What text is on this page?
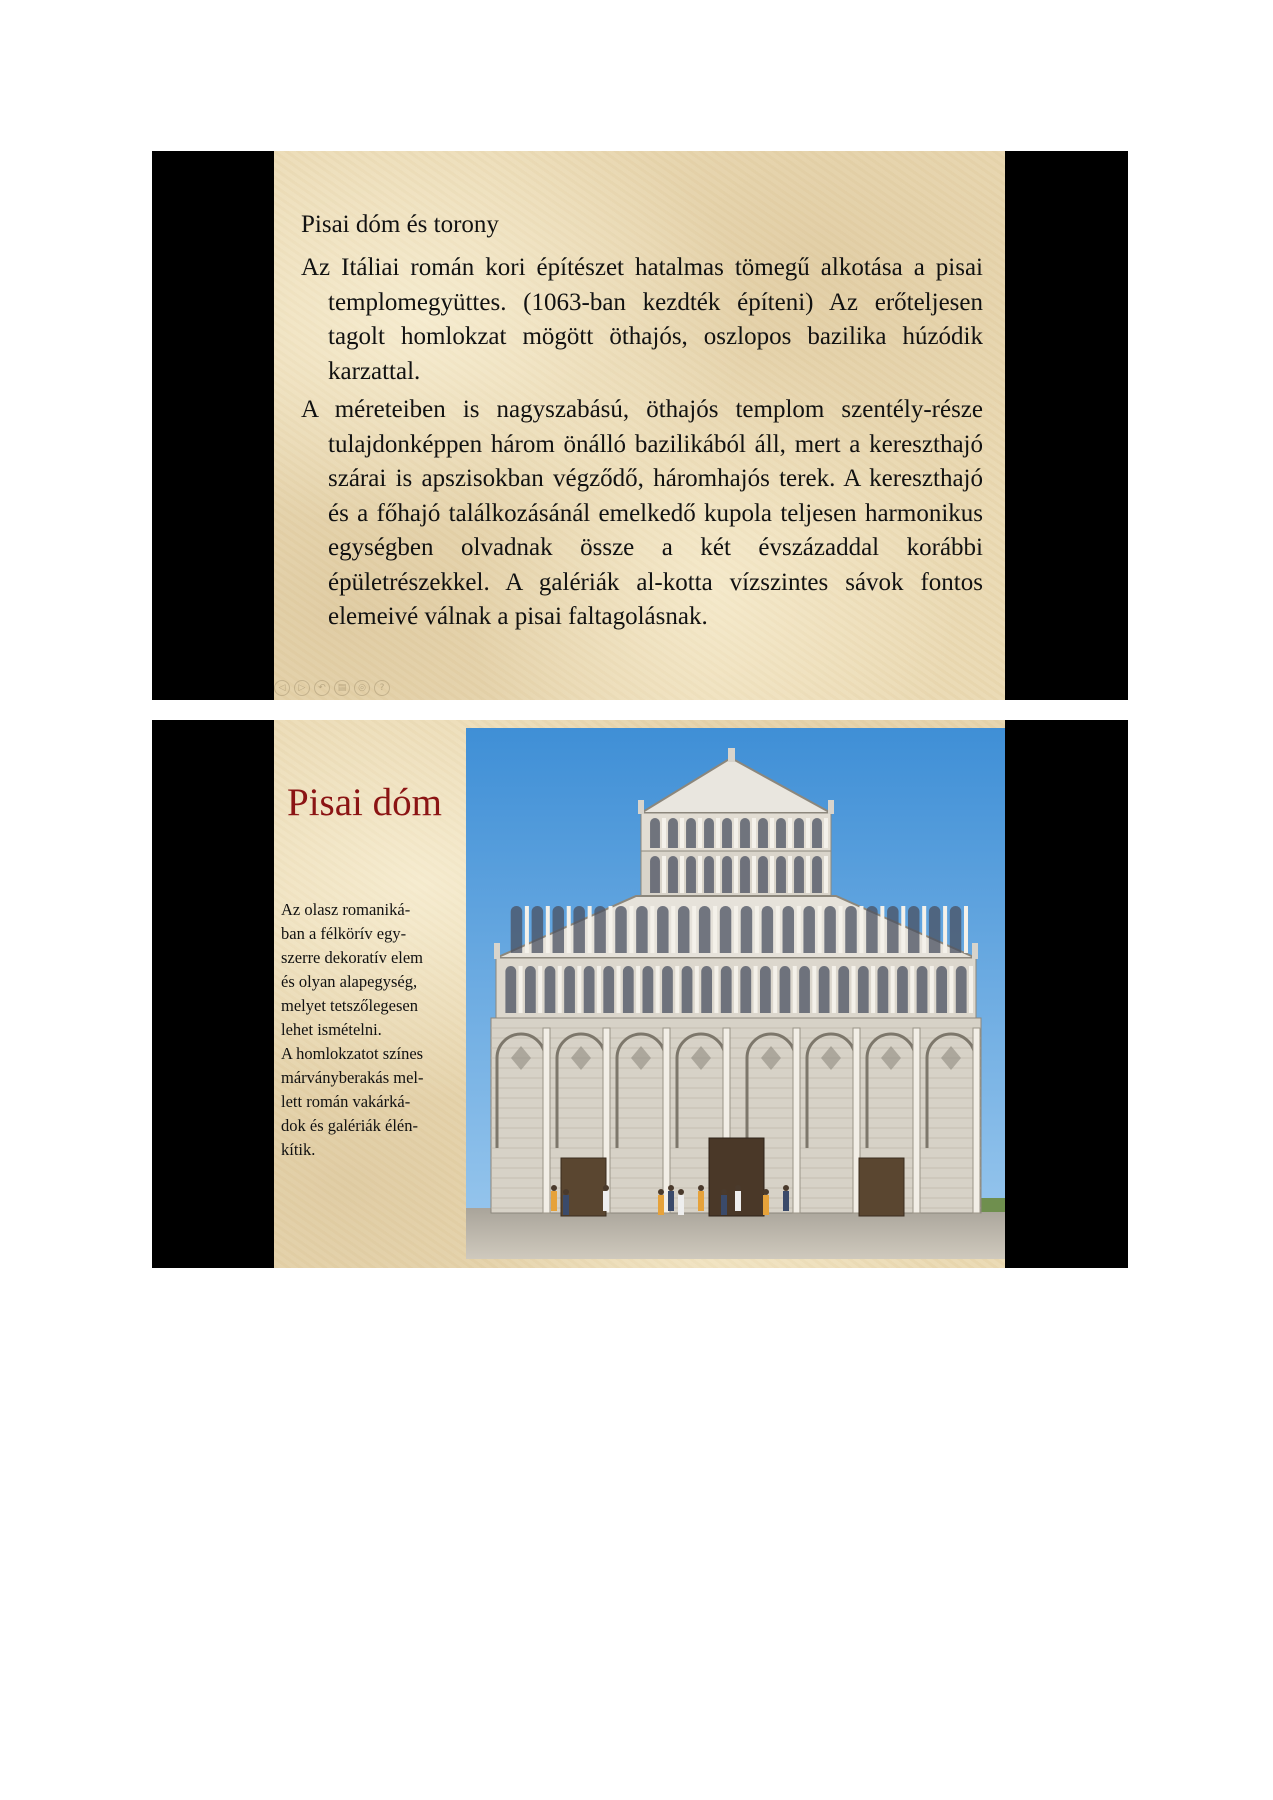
Pisai dóm és torony

Az Itáliai román kori építészet hatalmas tömegű alkotása a pisai templomegyüttes. (1063-ban kezdték építeni) Az erőteljesen tagolt homlokzat mögött öthajós, oszlopos bazilika húzódik karzattal.

A méreteiben is nagyszabású, öthajós templom szentély-része tulajdonképpen három önálló bazilikából áll, mert a kereszthajó szárai is apszisokban végződő, háromhajós terek. A kereszthajó és a főhajó találkozásánál emelkedő kupola teljesen harmonikus egységben olvadnak össze a két évszázaddal korábbi épületrészekkel. A galériák al-kotta vízszintes sávok fontos elemeivé válnak a pisai faltagolásnak.

◁	▷	↶	▤	◎	?
Pisai dóm

Az olasz romaniká-
ban a félkörív egy-
szerre dekoratív elem
és olyan alapegység,
melyet tetszőlegesen
lehet ismételni.
A homlokzatot színes
márványberakás mel-
lett román vakárká-
dok és galériák élén-
kítik.
